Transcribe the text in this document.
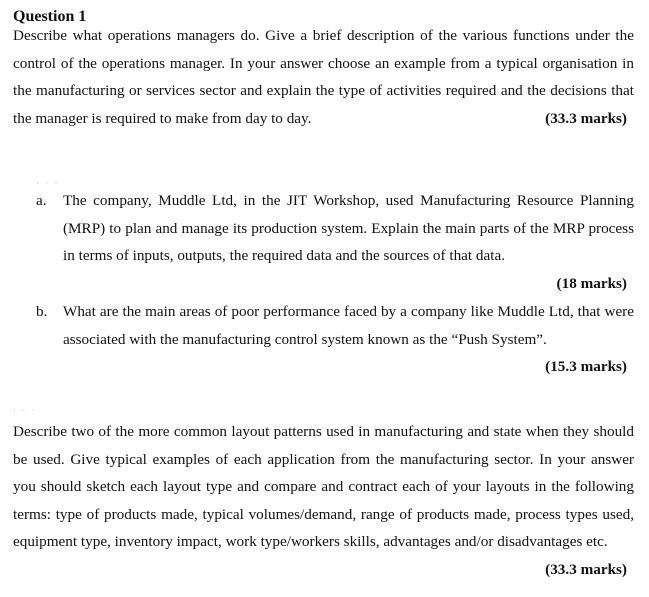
Question 1
Describe what operations managers do. Give a brief description of the various functions under the control of the operations manager. In your answer choose an example from a typical organisation in the manufacturing or services sector and explain the type of activities required and the decisions that the manager is required to make from day to day.	(33.3 marks)
· · ·
a.	The company, Muddle Ltd, in the JIT Workshop, used Manufacturing Resource Planning (MRP) to plan and manage its production system. Explain the main parts of the MRP process in terms of inputs, outputs, the required data and the sources of that data.
(18 marks)
b.	What are the main areas of poor performance faced by a company like Muddle Ltd, that were associated with the manufacturing control system known as the “Push System”.
(15.3 marks)
· · ·
Describe two of the more common layout patterns used in manufacturing and state when they should be used. Give typical examples of each application from the manufacturing sector. In your answer you should sketch each layout type and compare and contract each of your layouts in the following terms: type of products made, typical volumes/demand, range of products made, process types used, equipment type, inventory impact, work type/workers skills, advantages and/or disadvantages etc.
(33.3 marks)
